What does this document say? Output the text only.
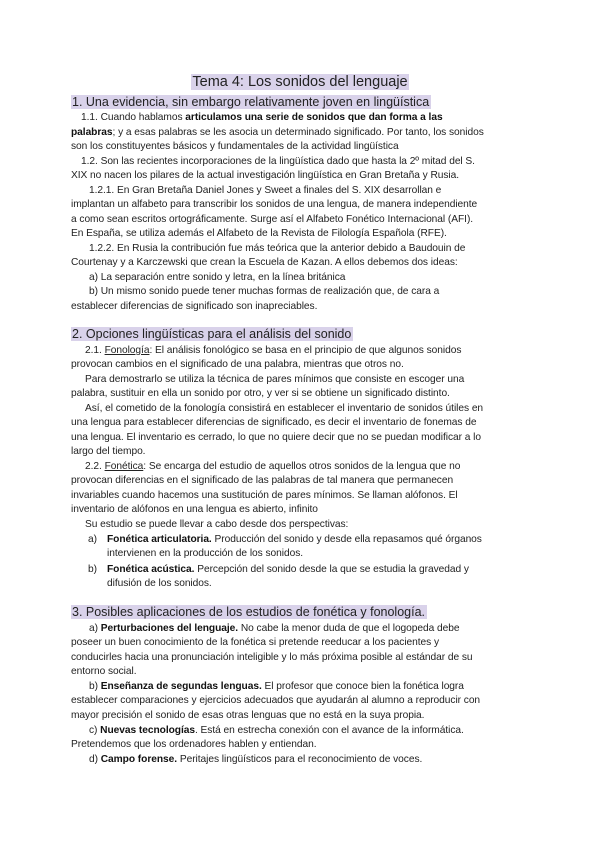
Tema 4: Los sonidos del lenguaje
1. Una evidencia, sin embargo relativamente joven en lingüística
1.1. Cuando hablamos articulamos una serie de sonidos que dan forma a las
palabras; y a esas palabras se les asocia un determinado significado. Por tanto, los sonidos
son los constituyentes básicos y fundamentales de la actividad lingüística
1.2. Son las recientes incorporaciones de la lingüística dado que hasta la 2º mitad del S.
XIX no nacen los pilares de la actual investigación lingüística en Gran Bretaña y Rusia.
1.2.1. En Gran Bretaña Daniel Jones y Sweet a finales del S. XIX desarrollan e
implantan un alfabeto para transcribir los sonidos de una lengua, de manera independiente
a como sean escritos ortográficamente. Surge así el Alfabeto Fonético Internacional (AFI).
En España, se utiliza además el Alfabeto de la Revista de Filología Española (RFE).
1.2.2. En Rusia la contribución fue más teórica que la anterior debido a Baudouin de
Courtenay y a Karczewski que crean la Escuela de Kazan. A ellos debemos dos ideas:
a) La separación entre sonido y letra, en la línea británica
b) Un mismo sonido puede tener muchas formas de realización que, de cara a
establecer diferencias de significado son inapreciables.
2. Opciones lingüísticas para el análisis del sonido
2.1. Fonología: El análisis fonológico se basa en el principio de que algunos sonidos
provocan cambios en el significado de una palabra, mientras que otros no.
Para demostrarlo se utiliza la técnica de pares mínimos que consiste en escoger una
palabra, sustituir en ella un sonido por otro, y ver si se obtiene un significado distinto.
Así, el cometido de la fonología consistirá en establecer el inventario de sonidos útiles en
una lengua para establecer diferencias de significado, es decir el inventario de fonemas de
una lengua. El inventario es cerrado, lo que no quiere decir que no se puedan modificar a lo
largo del tiempo.
2.2. Fonética: Se encarga del estudio de aquellos otros sonidos de la lengua que no
provocan diferencias en el significado de las palabras de tal manera que permanecen
invariables cuando hacemos una sustitución de pares mínimos. Se llaman alófonos. El
inventario de alófonos en una lengua es abierto, infinito
Su estudio se puede llevar a cabo desde dos perspectivas:
a) Fonética articulatoria. Producción del sonido y desde ella repasamos qué órganos
intervienen en la producción de los sonidos.
b) Fonética acústica. Percepción del sonido desde la que se estudia la gravedad y
difusión de los sonidos.
3. Posibles aplicaciones de los estudios de fonética y fonología.
a) Perturbaciones del lenguaje. No cabe la menor duda de que el logopeda debe
poseer un buen conocimiento de la fonética si pretende reeducar a los pacientes y
conducirles hacia una pronunciación inteligible y lo más próxima posible al estándar de su
entorno social.
b) Enseñanza de segundas lenguas. El profesor que conoce bien la fonética logra
establecer comparaciones y ejercicios adecuados que ayudarán al alumno a reproducir con
mayor precisión el sonido de esas otras lenguas que no está en la suya propia.
c) Nuevas tecnologías. Está en estrecha conexión con el avance de la informática.
Pretendemos que los ordenadores hablen y entiendan.
d) Campo forense. Peritajes lingüísticos para el reconocimiento de voces.
